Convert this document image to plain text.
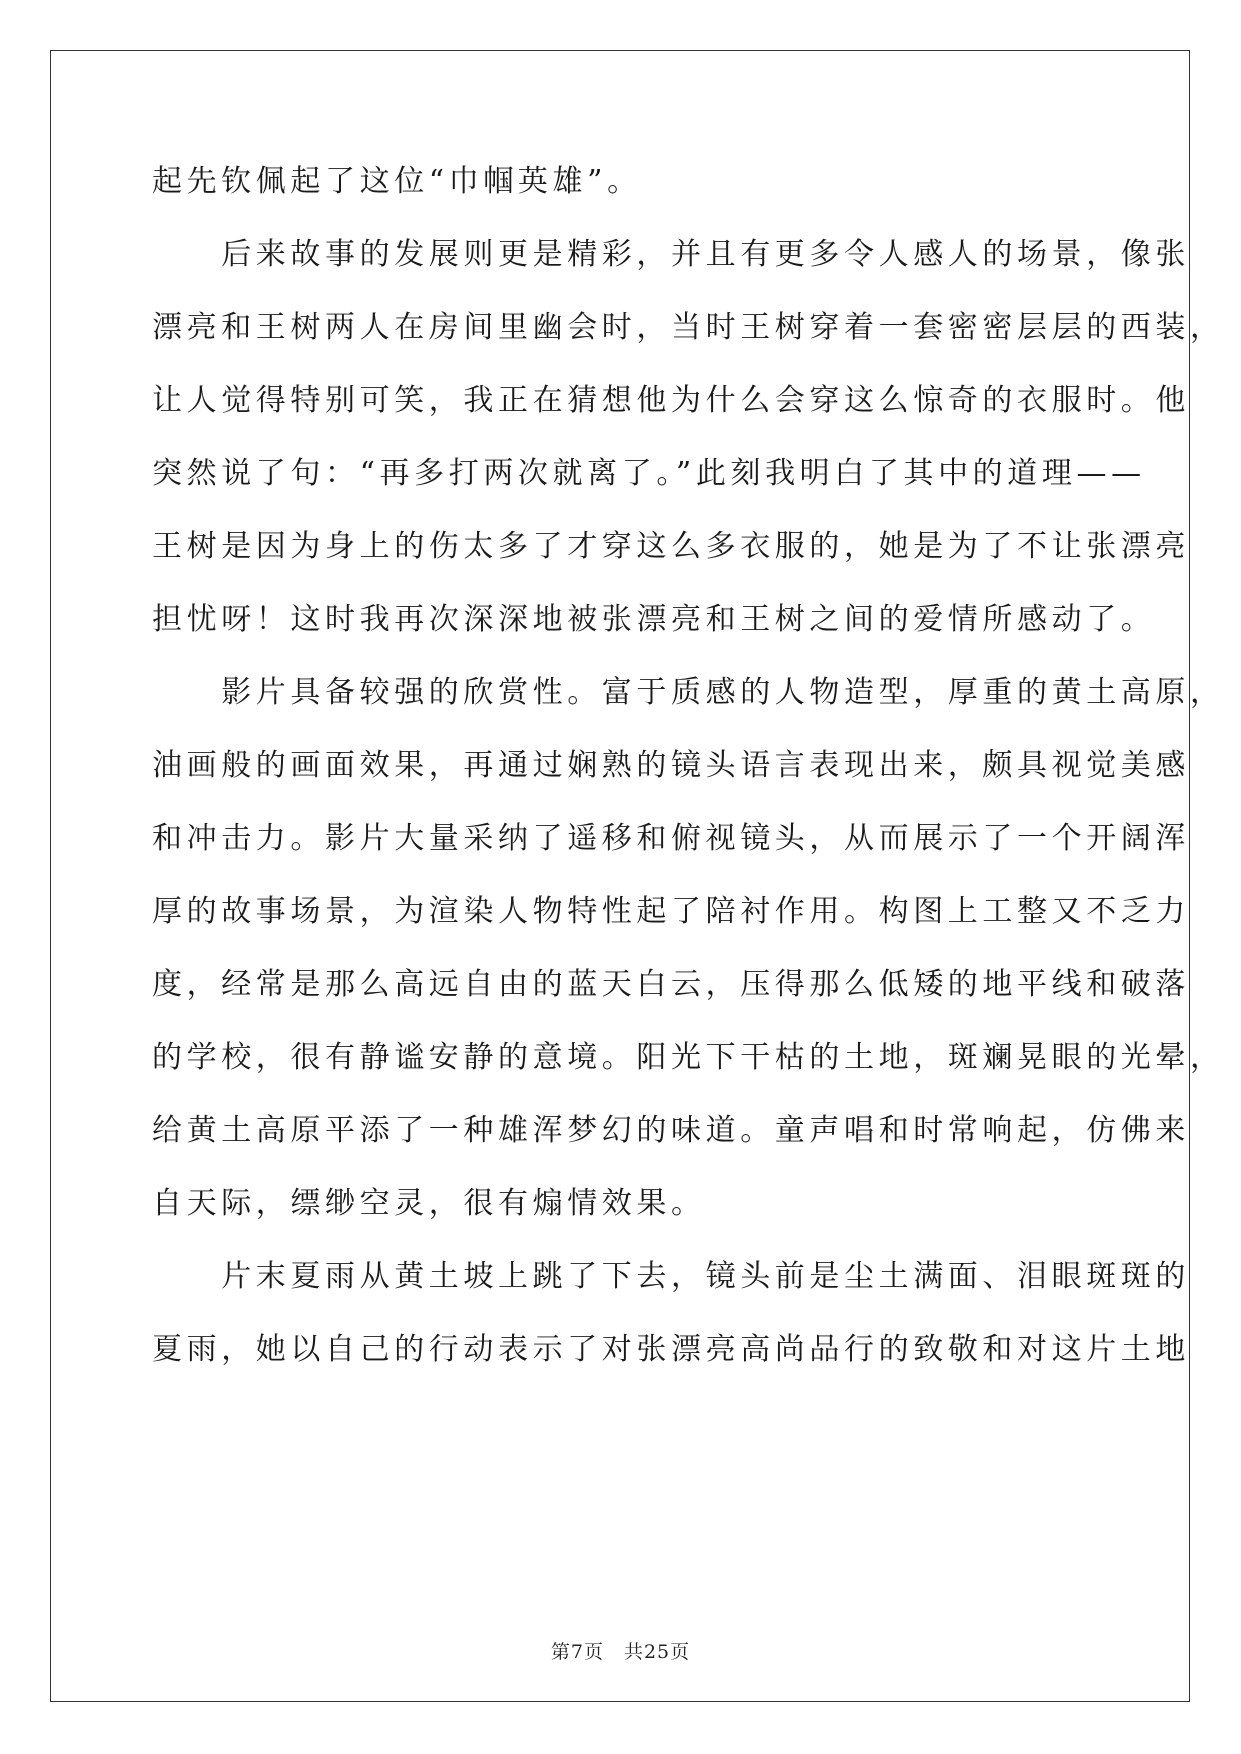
起先钦佩起了这位“巾帼英雄”。
　　后来故事的发展则更是精彩，并且有更多令人感人的场景，像张
漂亮和王树两人在房间里幽会时，当时王树穿着一套密密层层的西装，
让人觉得特别可笑，我正在猜想他为什么会穿这么惊奇的衣服时。他
突然说了句：“再多打两次就离了。”此刻我明白了其中的道理——
王树是因为身上的伤太多了才穿这么多衣服的，她是为了不让张漂亮
担忧呀！这时我再次深深地被张漂亮和王树之间的爱情所感动了。
　　影片具备较强的欣赏性。富于质感的人物造型，厚重的黄土高原，
油画般的画面效果，再通过娴熟的镜头语言表现出来，颇具视觉美感
和冲击力。影片大量采纳了遥移和俯视镜头，从而展示了一个开阔浑
厚的故事场景，为渲染人物特性起了陪衬作用。构图上工整又不乏力
度，经常是那么高远自由的蓝天白云，压得那么低矮的地平线和破落
的学校，很有静谧安静的意境。阳光下干枯的土地，斑斓晃眼的光晕，
给黄土高原平添了一种雄浑梦幻的味道。童声唱和时常响起，仿佛来
自天际，缥缈空灵，很有煽情效果。
　　片末夏雨从黄土坡上跳了下去，镜头前是尘土满面、泪眼斑斑的
夏雨，她以自己的行动表示了对张漂亮高尚品行的致敬和对这片土地
第7页　共25页
